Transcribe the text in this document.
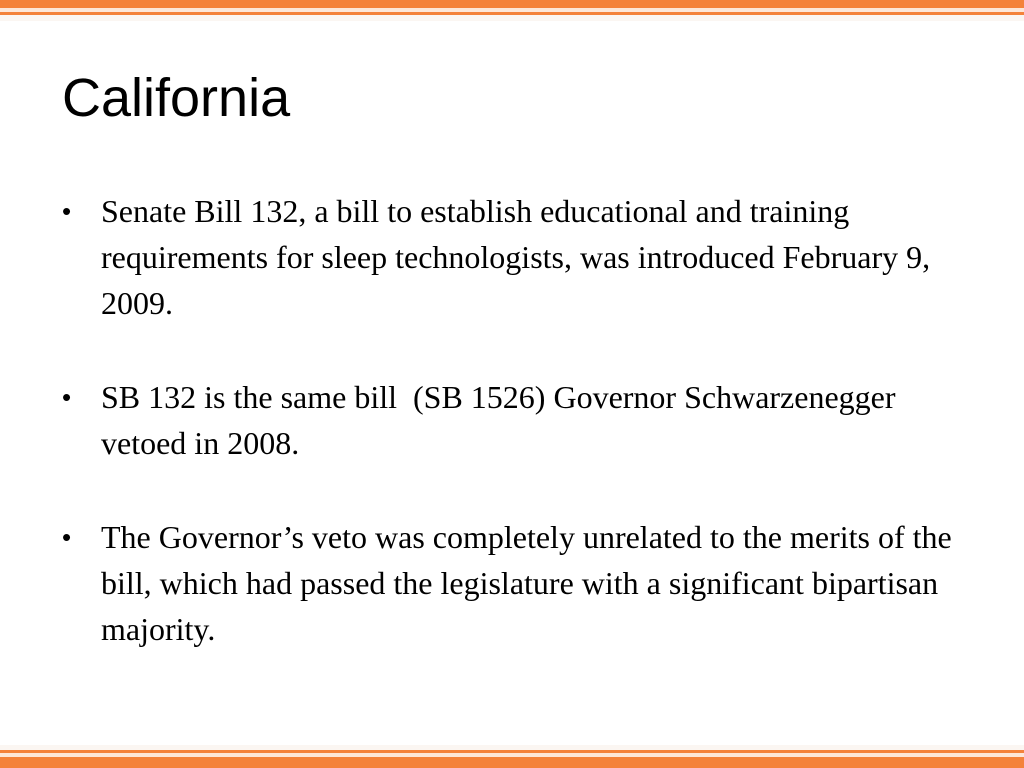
California
• Senate Bill 132, a bill to establish educational and training requirements for sleep technologists, was introduced February 9, 2009.
• SB 132 is the same bill  (SB 1526) Governor Schwarzenegger vetoed in 2008.
• The Governor’s veto was completely unrelated to the merits of the bill, which had passed the legislature with a significant bipartisan majority.
